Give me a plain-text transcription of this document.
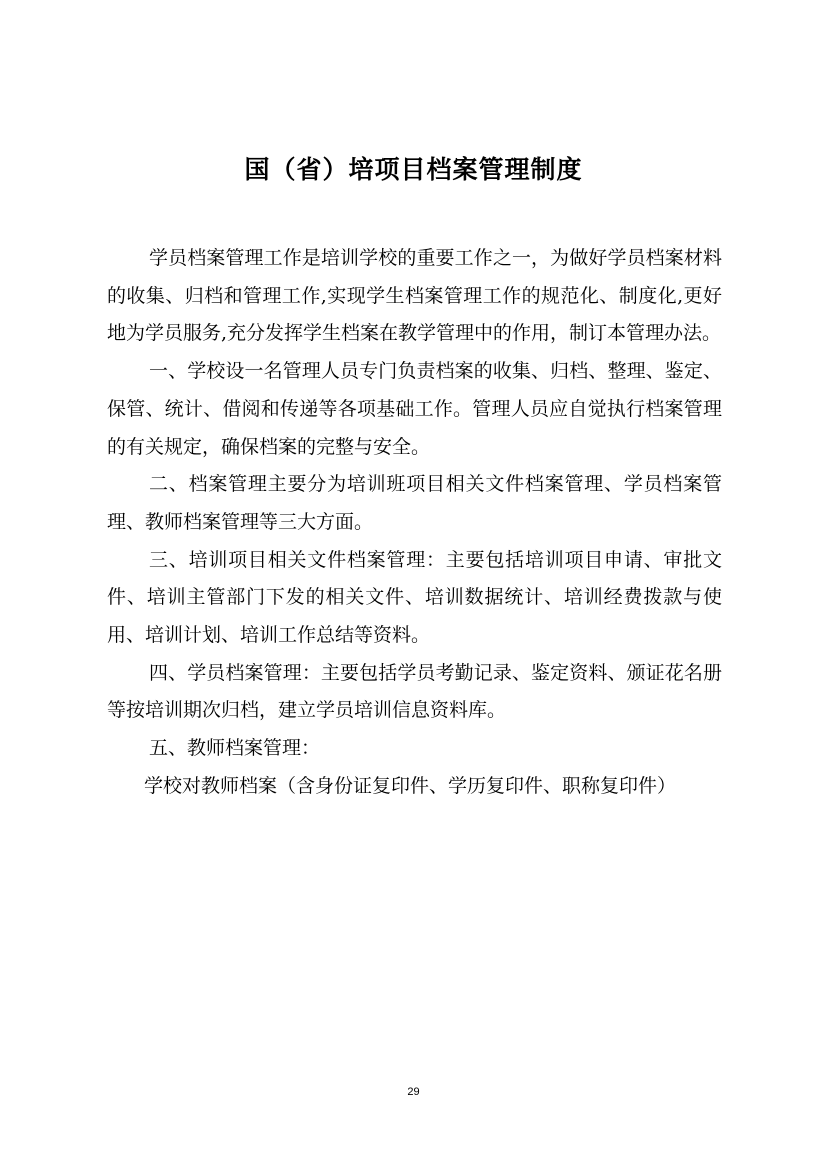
国（省）培项目档案管理制度

学员档案管理工作是培训学校的重要工作之一，为做好学员档案材料的收集、归档和管理工作,实现学生档案管理工作的规范化、制度化,更好地为学员服务,充分发挥学生档案在教学管理中的作用，制订本管理办法。

一、学校设一名管理人员专门负责档案的收集、归档、整理、鉴定、保管、统计、借阅和传递等各项基础工作。管理人员应自觉执行档案管理的有关规定，确保档案的完整与安全。

二、档案管理主要分为培训班项目相关文件档案管理、学员档案管理、教师档案管理等三大方面。

三、培训项目相关文件档案管理：主要包括培训项目申请、审批文件、培训主管部门下发的相关文件、培训数据统计、培训经费拨款与使用、培训计划、培训工作总结等资料。

四、学员档案管理：主要包括学员考勤记录、鉴定资料、颁证花名册等按培训期次归档，建立学员培训信息资料库。

五、教师档案管理：

学校对教师档案（含身份证复印件、学历复印件、职称复印件）

29
